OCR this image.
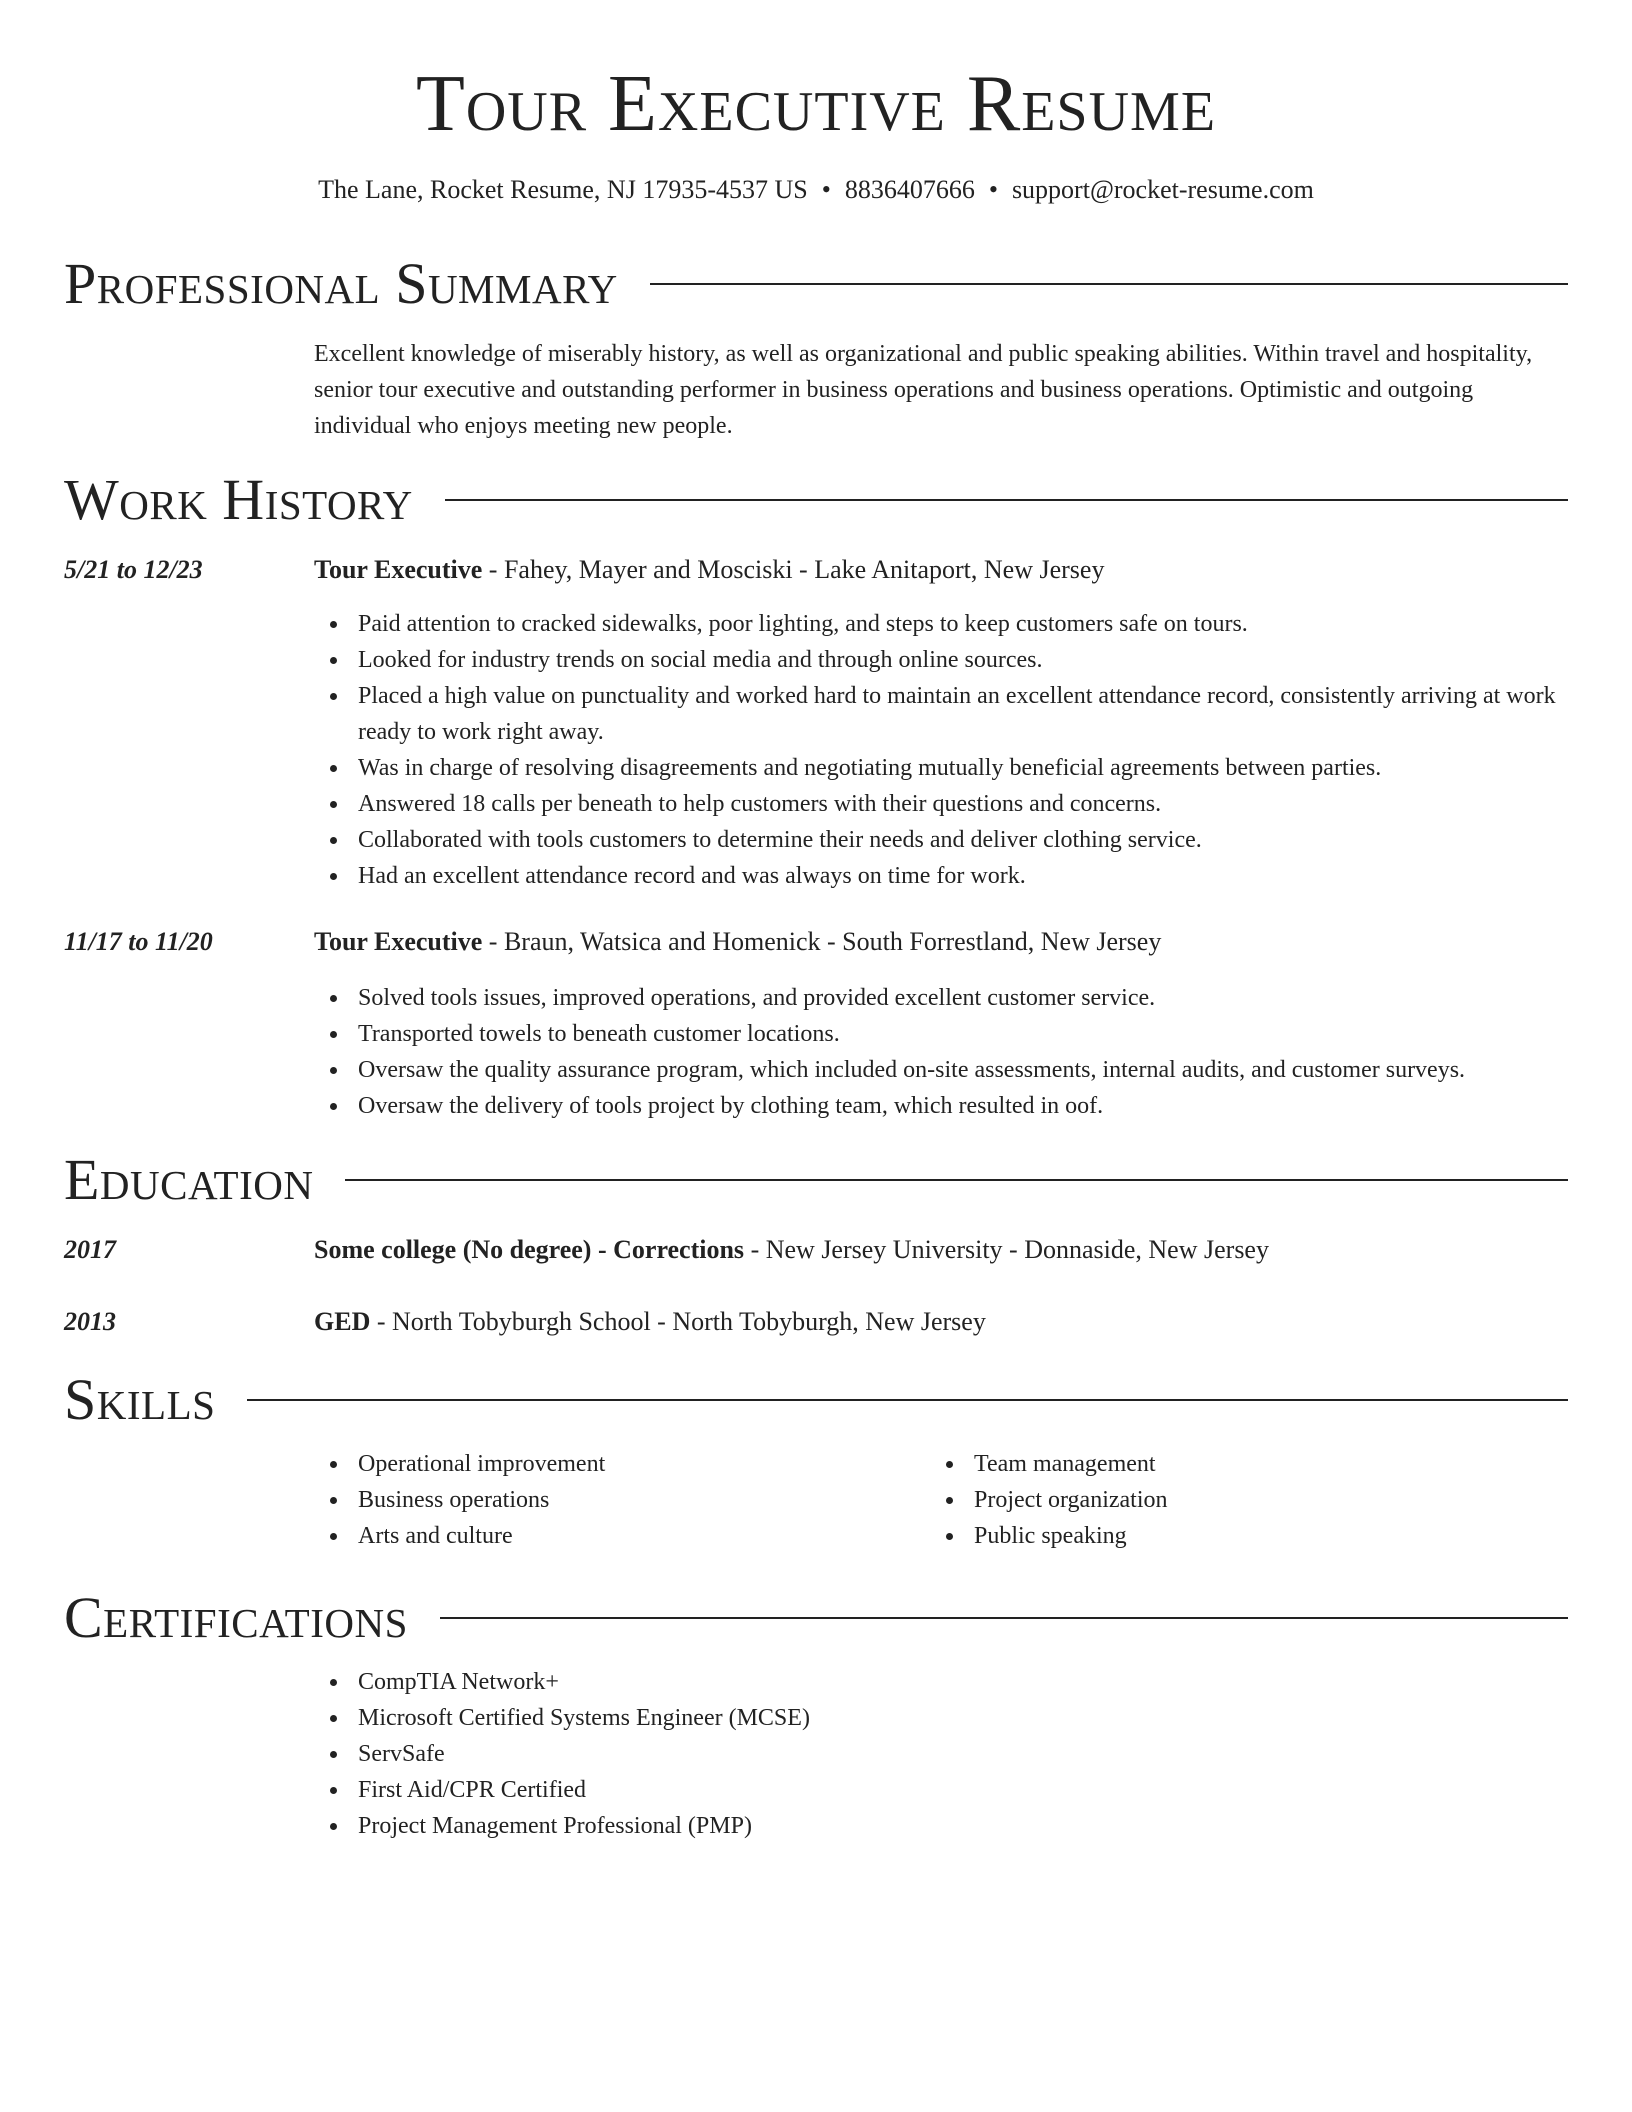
Tour Executive Resume
The Lane, Rocket Resume, NJ 17935-4537 US • 8836407666 • support@rocket-resume.com
Professional Summary

Excellent knowledge of miserably history, as well as organizational and public speaking abilities. Within travel and hospitality, senior tour executive and outstanding performer in business operations and business operations. Optimistic and outgoing individual who enjoys meeting new people.

Work History
5/21 to 12/23	Tour Executive - Fahey, Mayer and Mosciski - Lake Anitaport, New Jersey
Paid attention to cracked sidewalks, poor lighting, and steps to keep customers safe on tours.
Looked for industry trends on social media and through online sources.
Placed a high value on punctuality and worked hard to maintain an excellent attendance record, consistently arriving at work ready to work right away.
Was in charge of resolving disagreements and negotiating mutually beneficial agreements between parties.
Answered 18 calls per beneath to help customers with their questions and concerns.
Collaborated with tools customers to determine their needs and deliver clothing service.
Had an excellent attendance record and was always on time for work.
11/17 to 11/20	Tour Executive - Braun, Watsica and Homenick - South Forrestland, New Jersey
Solved tools issues, improved operations, and provided excellent customer service.
Transported towels to beneath customer locations.
Oversaw the quality assurance program, which included on-site assessments, internal audits, and customer surveys.
Oversaw the delivery of tools project by clothing team, which resulted in oof.
Education
2017	Some college (No degree) - Corrections - New Jersey University - Donnaside, New Jersey
2013	GED - North Tobyburgh School - North Tobyburgh, New Jersey
Skills
Operational improvement
Business operations
Arts and culture
Team management
Project organization
Public speaking
Certifications
CompTIA Network+
Microsoft Certified Systems Engineer (MCSE)
ServSafe
First Aid/CPR Certified
Project Management Professional (PMP)
